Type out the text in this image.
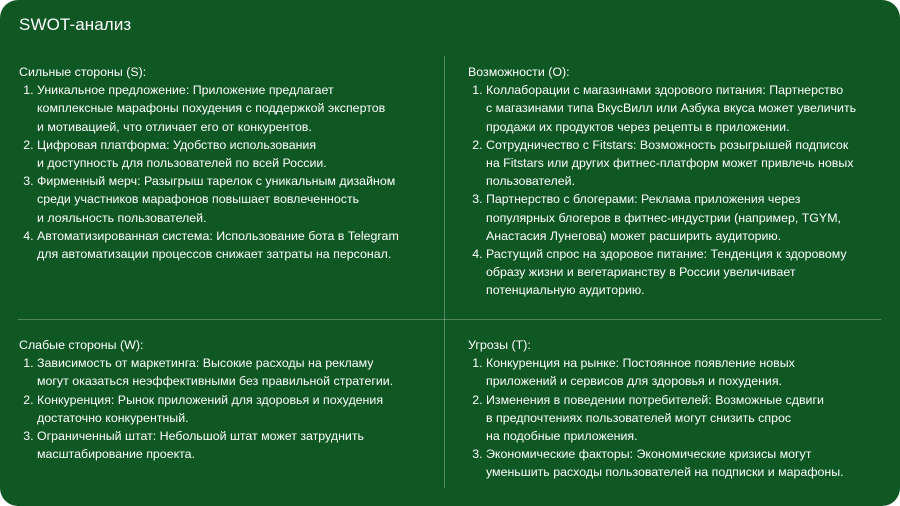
SWOT-анализ
Сильные стороны (S):
1. Уникальное предложение: Приложение предлагает
комплексные марафоны похудения с поддержкой экспертов
и мотивацией, что отличает его от конкурентов.
2. Цифровая платформа: Удобство использования
и доступность для пользователей по всей России.
3. Фирменный мерч: Разыгрыш тарелок с уникальным дизайном
среди участников марафонов повышает вовлеченность
и лояльность пользователей.
4. Автоматизированная система: Использование бота в Telegram
для автоматизации процессов снижает затраты на персонал.
Возможности (O):
1. Коллаборации с магазинами здорового питания: Партнерство
с магазинами типа ВкусВилл или Азбука вкуса может увеличить
продажи их продуктов через рецепты в приложении.
2. Сотрудничество с Fitstars: Возможность розыгрышей подписок
на Fitstars или других фитнес-платформ может привлечь новых
пользователей.
3. Партнерство с блогерами: Реклама приложения через
популярных блогеров в фитнес-индустрии (например, TGYM,
Анастасия Лунегова) может расширить аудиторию.
4. Растущий спрос на здоровое питание: Тенденция к здоровому
образу жизни и вегетарианству в России увеличивает
потенциальную аудиторию.
Слабые стороны (W):
1. Зависимость от маркетинга: Высокие расходы на рекламу
могут оказаться неэффективными без правильной стратегии.
2. Конкуренция: Рынок приложений для здоровья и похудения
достаточно конкурентный.
3. Ограниченный штат: Небольшой штат может затруднить
масштабирование проекта.
Угрозы (T):
1. Конкуренция на рынке: Постоянное появление новых
приложений и сервисов для здоровья и похудения.
2. Изменения в поведении потребителей: Возможные сдвиги
в предпочтениях пользователей могут снизить спрос
на подобные приложения.
3. Экономические факторы: Экономические кризисы могут
уменьшить расходы пользователей на подписки и марафоны.
